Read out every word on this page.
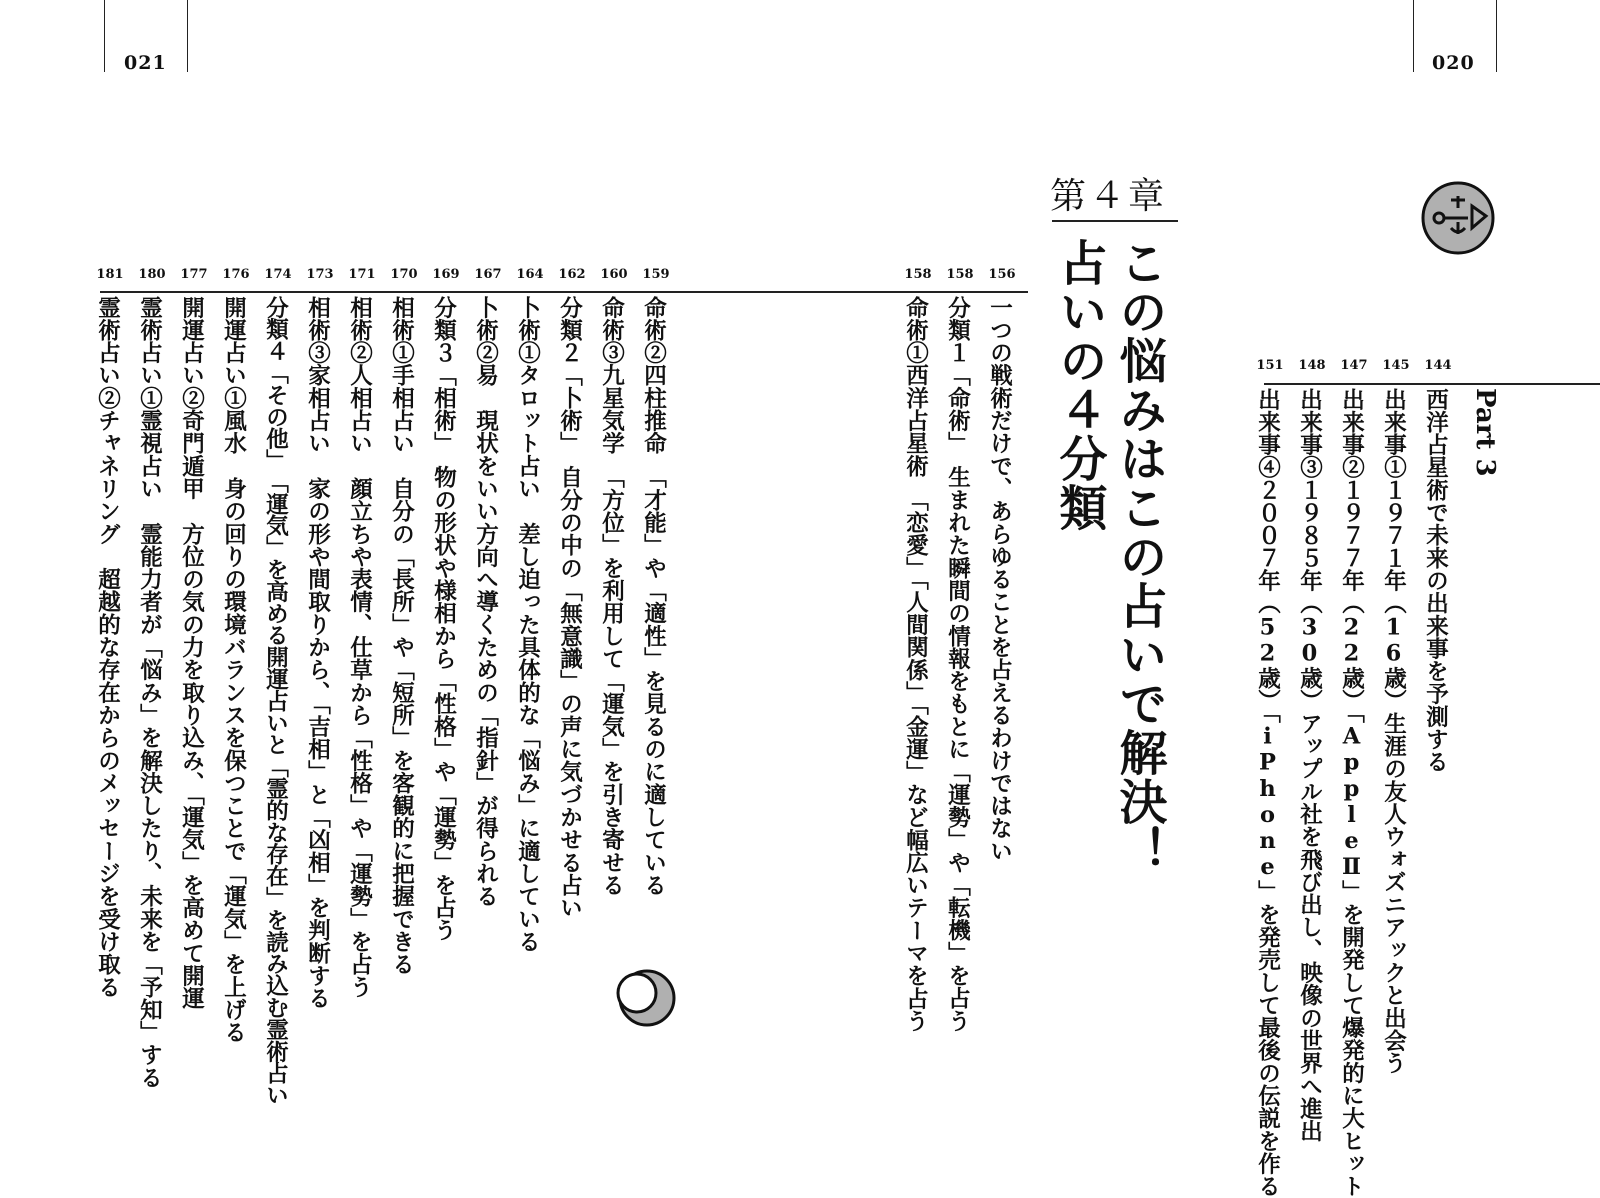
021	020
第４章
この悩みはこの占いで解決！
占いの４分類	Part 3
144
西洋占星術で未来の出来事を予測する
145
出来事①１９７１年（16歳）生涯の友人ウォズニアックと出会う
147
出来事②１９７７年（22歳）「AppleⅡ」を開発して爆発的に大ヒット
148
出来事③１９８５年（30歳）アップル社を飛び出し、映像の世界へ進出
151
出来事④２００７年（52歳）「iPhone」を発売して最後の伝説を作る
156
一つの戦術だけで、あらゆることを占えるわけではない
158
分類１「命術」　生まれた瞬間の情報をもとに「運勢」や「転機」を占う
158
命術①西洋占星術　「恋愛」「人間関係」「金運」など幅広いテーマを占う
159
命術②四柱推命　「才能」や「適性」を見るのに適している
160
命術③九星気学　「方位」を利用して「運気」を引き寄せる
162
分類２「卜術」　自分の中の「無意識」の声に気づかせる占い
164
卜術①タロット占い　差し迫った具体的な「悩み」に適している
167
卜術②易　現状をいい方向へ導くための「指針」が得られる
169
分類３「相術」　物の形状や様相から「性格」や「運勢」を占う
170
相術①手相占い　自分の「長所」や「短所」を客観的に把握できる
171
相術②人相占い　顔立ちや表情、仕草から「性格」や「運勢」を占う
173
相術③家相占い　家の形や間取りから、「吉相」と「凶相」を判断する
174
分類４「その他」　「運気」を高める開運占いと「霊的な存在」を読み込む霊術占い
176
開運占い①風水　身の回りの環境バランスを保つことで「運気」を上げる
177
開運占い②奇門遁甲　方位の気の力を取り込み、「運気」を高めて開運
180
霊術占い①霊視占い　霊能力者が「悩み」を解決したり、未来を「予知」する
181
霊術占い②チャネリング　超越的な存在からのメッセージを受け取る
